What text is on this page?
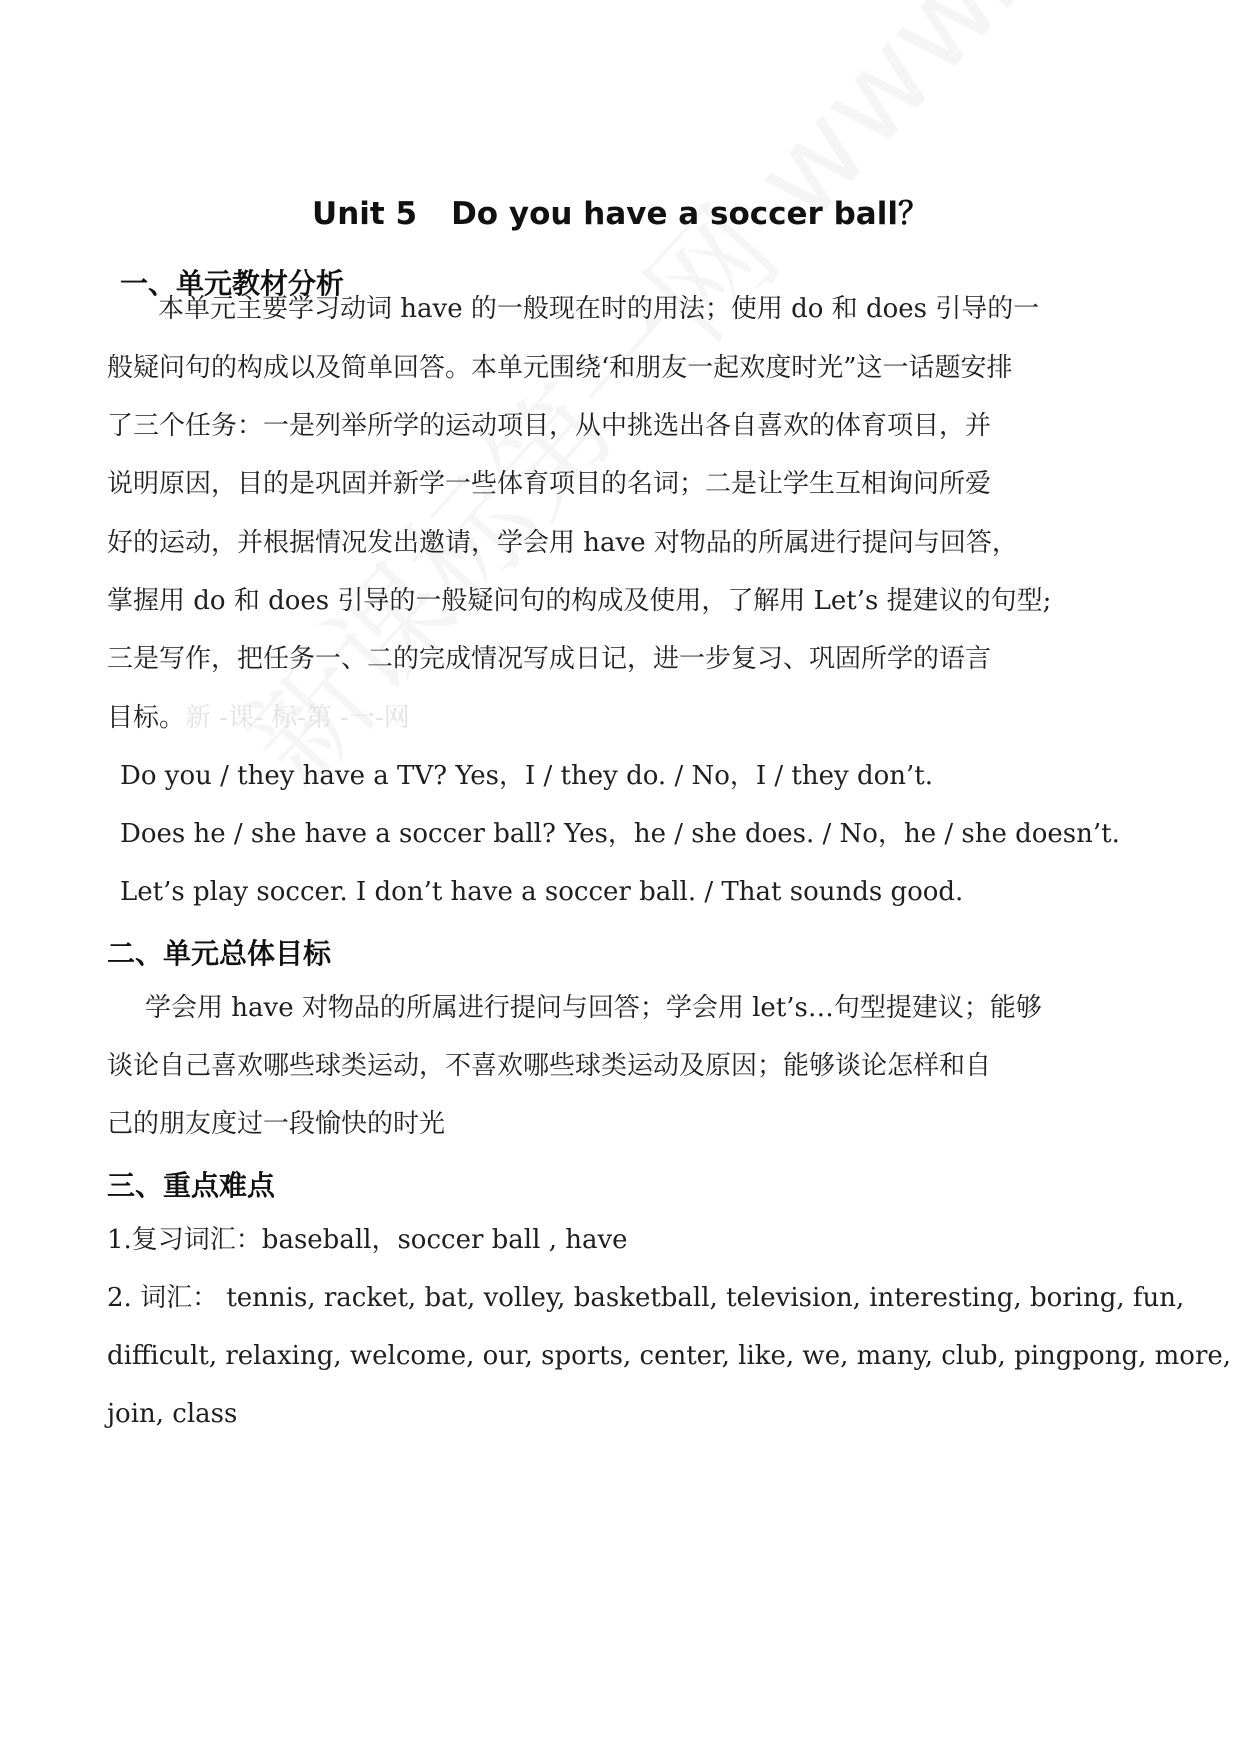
Unit 5 Do you have a soccer ball？
一、单元教材分析
本单元主要学习动词 have 的一般现在时的用法；使用 do 和 does 引导的一
般疑问句的构成以及简单回答。本单元围绕‘和朋友一起欢度时光”这一话题安排
了三个任务：一是列举所学的运动项目，从中挑选出各自喜欢的体育项目，并
说明原因，目的是巩固并新学一些体育项目的名词；二是让学生互相询问所爱
好的运动，并根据情况发出邀请，学会用 have 对物品的所属进行提问与回答，
掌握用 do 和 does 引导的一般疑问句的构成及使用，了解用 Let’s 提建议的句型;
三是写作，把任务一、二的完成情况写成日记，进一步复习、巩固所学的语言
目标。新 -课- 标-第 -一-网
Do you / they have a TV? Yes，I / they do. / No，I / they don’t.
Does he / she have a soccer ball? Yes，he / she does. / No，he / she doesn’t.
Let’s play soccer. I don’t have a soccer ball. / That sounds good.
二、单元总体目标
学会用 have 对物品的所属进行提问与回答；学会用 let’s…句型提建议；能够
谈论自己喜欢哪些球类运动，不喜欢哪些球类运动及原因；能够谈论怎样和自
己的朋友度过一段愉快的时光
三、重点难点
1.复习词汇：baseball，soccer ball , have
2. 词汇： tennis, racket, bat, volley, basketball, television, interesting, boring, fun,
difficult, relaxing, welcome, our, sports, center, like, we, many, club, pingpong, more,
join, class
